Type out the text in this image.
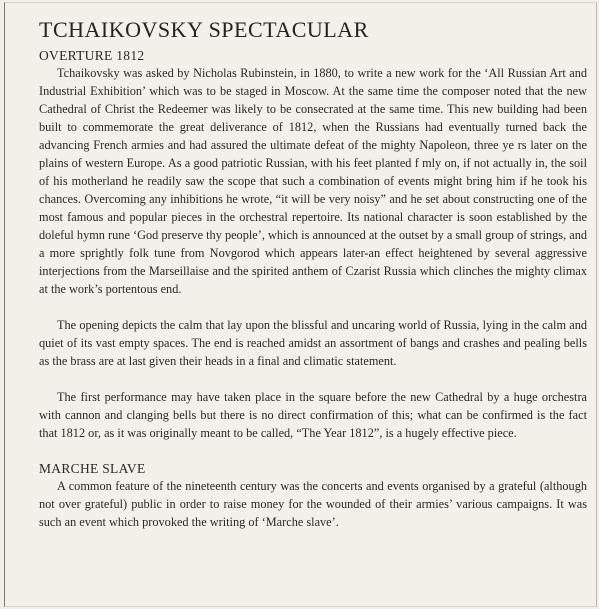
TCHAIKOVSKY SPECTACULAR
OVERTURE 1812

Tchaikovsky was asked by Nicholas Rubinstein, in 1880, to write a new work for the ‘All Russian Art and Industrial Exhibition’ which was to be staged in Moscow. At the same time the composer noted that the new Cathedral of Christ the Redeemer was likely to be consecrated at the same time. This new building had been built to commemorate the great deliverance of 1812, when the Russians had eventually turned back the advancing French armies and had assured the ultimate defeat of the mighty Napoleon, three ye rs later on the plains of western Europe. As a good patriotic Russian, with his feet planted f mly on, if not actually in, the soil of his motherland he readily saw the scope that such a combination of events might bring him if he took his chances. Overcoming any inhibitions he wrote, “it will be very noisy” and he set about constructing one of the most famous and popular pieces in the orchestral repertoire. Its national character is soon established by the doleful hymn rune ‘God preserve thy people’, which is announced at the outset by a small group of strings, and a more sprightly folk tune from Novgorod which appears later-an effect heightened by several aggressive interjections from the Marseillaise and the spirited anthem of Czarist Russia which clinches the mighty climax at the work’s portentous end.

The opening depicts the calm that lay upon the blissful and uncaring world of Russia, lying in the calm and quiet of its vast empty spaces. The end is reached amidst an assortment of bangs and crashes and pealing bells as the brass are at last given their heads in a final and climatic statement.

The first performance may have taken place in the square before the new Cathedral by a huge orchestra with cannon and clanging bells but there is no direct confirmation of this; what can be confirmed is the fact that 1812 or, as it was originally meant to be called, “The Year 1812”, is a hugely effective piece.

MARCHE SLAVE

A common feature of the nineteenth century was the concerts and events organised by a grateful (although not over grateful) public in order to raise money for the wounded of their armies’ various campaigns. It was such an event which provoked the writing of ‘Marche slave’.
